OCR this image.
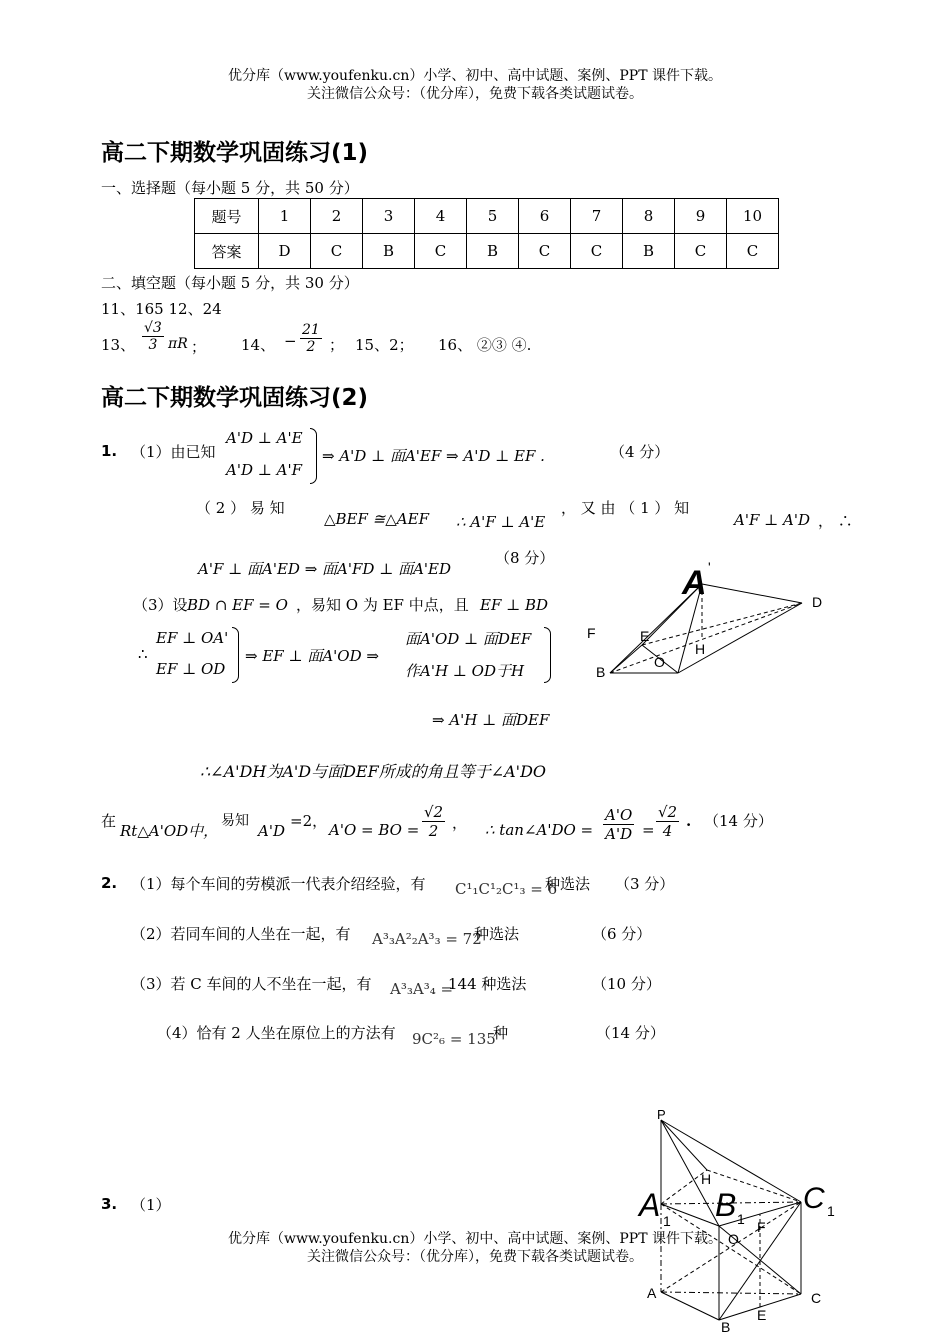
优分库（www.youfenku.cn）小学、初中、高中试题、案例、PPT 课件下载。
关注微信公众号：（优分库），免费下载各类试题试卷。
高二下期数学巩固练习(1)
一、选择题（每小题 5 分，共 50 分）
题号	1	2	3	4	5	6	7	8	9	10
答案	D	C	B	C	B	C	C	B	C	C
二、填空题（每小题 5 分，共 30 分）
11、165 12、24
13、 $\frac{√3}{3}$ πR ； 14、 − $\frac{21}{2}$ ； 15、2； 16、 ②③ ④.
高二下期数学巩固练习(2)
1. （1）由已知
A'D ⊥ A'E
A'D ⊥ A'F
⇒ A'D ⊥ 面A'EF ⇒ A'D ⊥ EF .	（4 分）
（ 2 ） 易 知
△BEF ≅△AEF ∴ A'F ⊥ A'E
， 又 由 （ 1 ） 知
A'F ⊥ A'D ， ∴
A'F ⊥ 面A'ED ⇒ 面A'FD ⊥ 面A'ED
（8 分）
（3）设 BD ∩ EF = O ，易知 O 为 EF 中点，且 EF ⊥ BD
∴
EF ⊥ OA'
EF ⊥ OD
⇒ EF ⊥ 面A'OD ⇒
面A'OD ⊥ 面DEF
作A'H ⊥ OD于H
⇒ A'H ⊥ 面DEF
∴∠A'DH为A'D与面DEF所成的角且等于∠A'DO
在
Rt△A'OD中，
易知
A'D
=2， A'O = BO = $\frac{√2}{2}$ ， ∴ tan∠A'DO = $\frac{A'O}{A'D} = \frac{√2}{4}$ . （14 分）
2. （1）每个车间的劳模派一代表介绍经验，有 C¹₁C¹₂C¹₃ = 6
种选法 （3 分）
（2）若同车间的人坐在一起，有 A³₃A²₂A³₃ = 72
种选法	（6 分）
（3）若 C 车间的人不坐在一起，有 A³₃A³₄ =
144 种选法	（10 分）
（4）恰有 2 人坐在原位上的方法有 9C²₆ = 135
种	（14 分）
3. （1）
A '
D
F	E
O
H
B
P
H
A 1 B 1
C 1
F
O
A	C
E
B
优分库（www.youfenku.cn）小学、初中、高中试题、案例、PPT 课件下载。
关注微信公众号：（优分库），免费下载各类试题试卷。
